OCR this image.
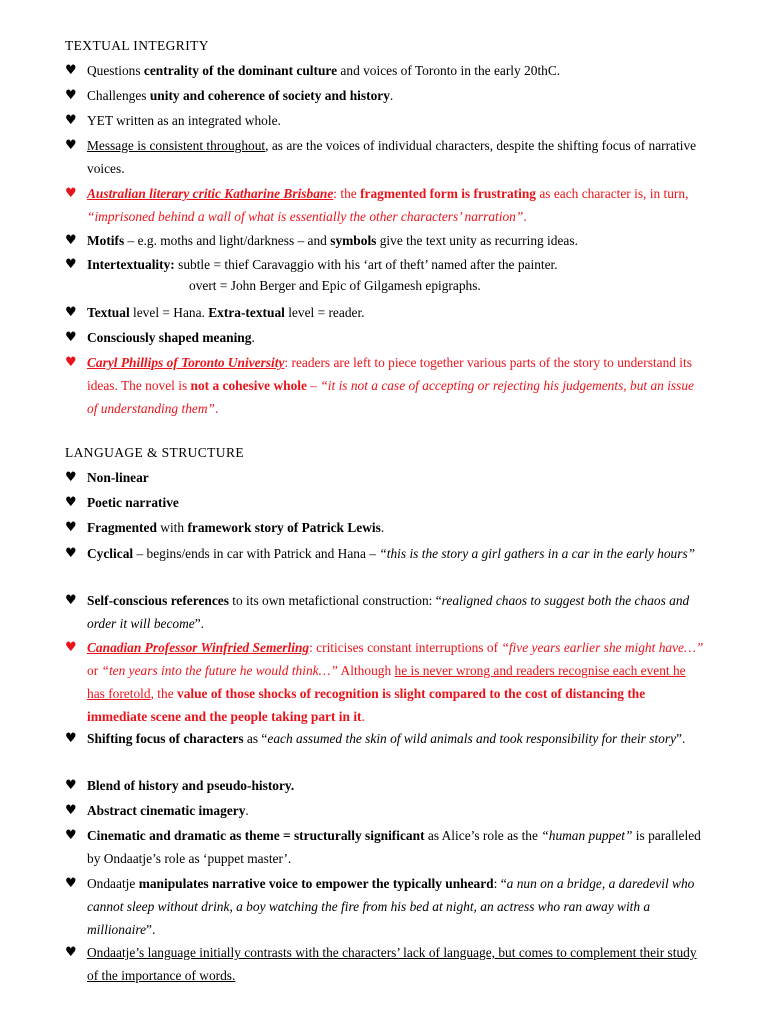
TEXTUAL INTEGRITY
♥ Questions centrality of the dominant culture and voices of Toronto in the early 20thC.
♥ Challenges unity and coherence of society and history.
♥ YET written as an integrated whole.
♥ Message is consistent throughout, as are the voices of individual characters, despite the shifting focus of narrative voices.
♥ Australian literary critic Katharine Brisbane: the fragmented form is frustrating as each character is, in turn, “imprisoned behind a wall of what is essentially the other characters’ narration”.
♥ Motifs – e.g. moths and light/darkness – and symbols give the text unity as recurring ideas.
♥ Intertextuality: subtle = thief Caravaggio with his ‘art of theft’ named after the painter.
overt = John Berger and Epic of Gilgamesh epigraphs.
♥ Textual level = Hana. Extra-textual level = reader.
♥ Consciously shaped meaning.
♥ Caryl Phillips of Toronto University: readers are left to piece together various parts of the story to understand its ideas. The novel is not a cohesive whole – “it is not a case of accepting or rejecting his judgements, but an issue of understanding them”.
LANGUAGE & STRUCTURE
♥ Non-linear
♥ Poetic narrative
♥ Fragmented with framework story of Patrick Lewis.
♥ Cyclical – begins/ends in car with Patrick and Hana – “this is the story a girl gathers in a car in the early hours”
♥ Self-conscious references to its own metafictional construction: “realigned chaos to suggest both the chaos and order it will become”.
♥ Canadian Professor Winfried Semerling: criticises constant interruptions of “five years earlier she might have…” or “ten years into the future he would think…” Although he is never wrong and readers recognise each event he has foretold, the value of those shocks of recognition is slight compared to the cost of distancing the immediate scene and the people taking part in it.
♥ Shifting focus of characters as “each assumed the skin of wild animals and took responsibility for their story”.
♥ Blend of history and pseudo-history.
♥ Abstract cinematic imagery.
♥ Cinematic and dramatic as theme = structurally significant as Alice’s role as the “human puppet” is paralleled by Ondaatje’s role as ‘puppet master’.
♥ Ondaatje manipulates narrative voice to empower the typically unheard: “a nun on a bridge, a daredevil who cannot sleep without drink, a boy watching the fire from his bed at night, an actress who ran away with a millionaire”.
♥ Ondaatje’s language initially contrasts with the characters’ lack of language, but comes to complement their study of the importance of words.
